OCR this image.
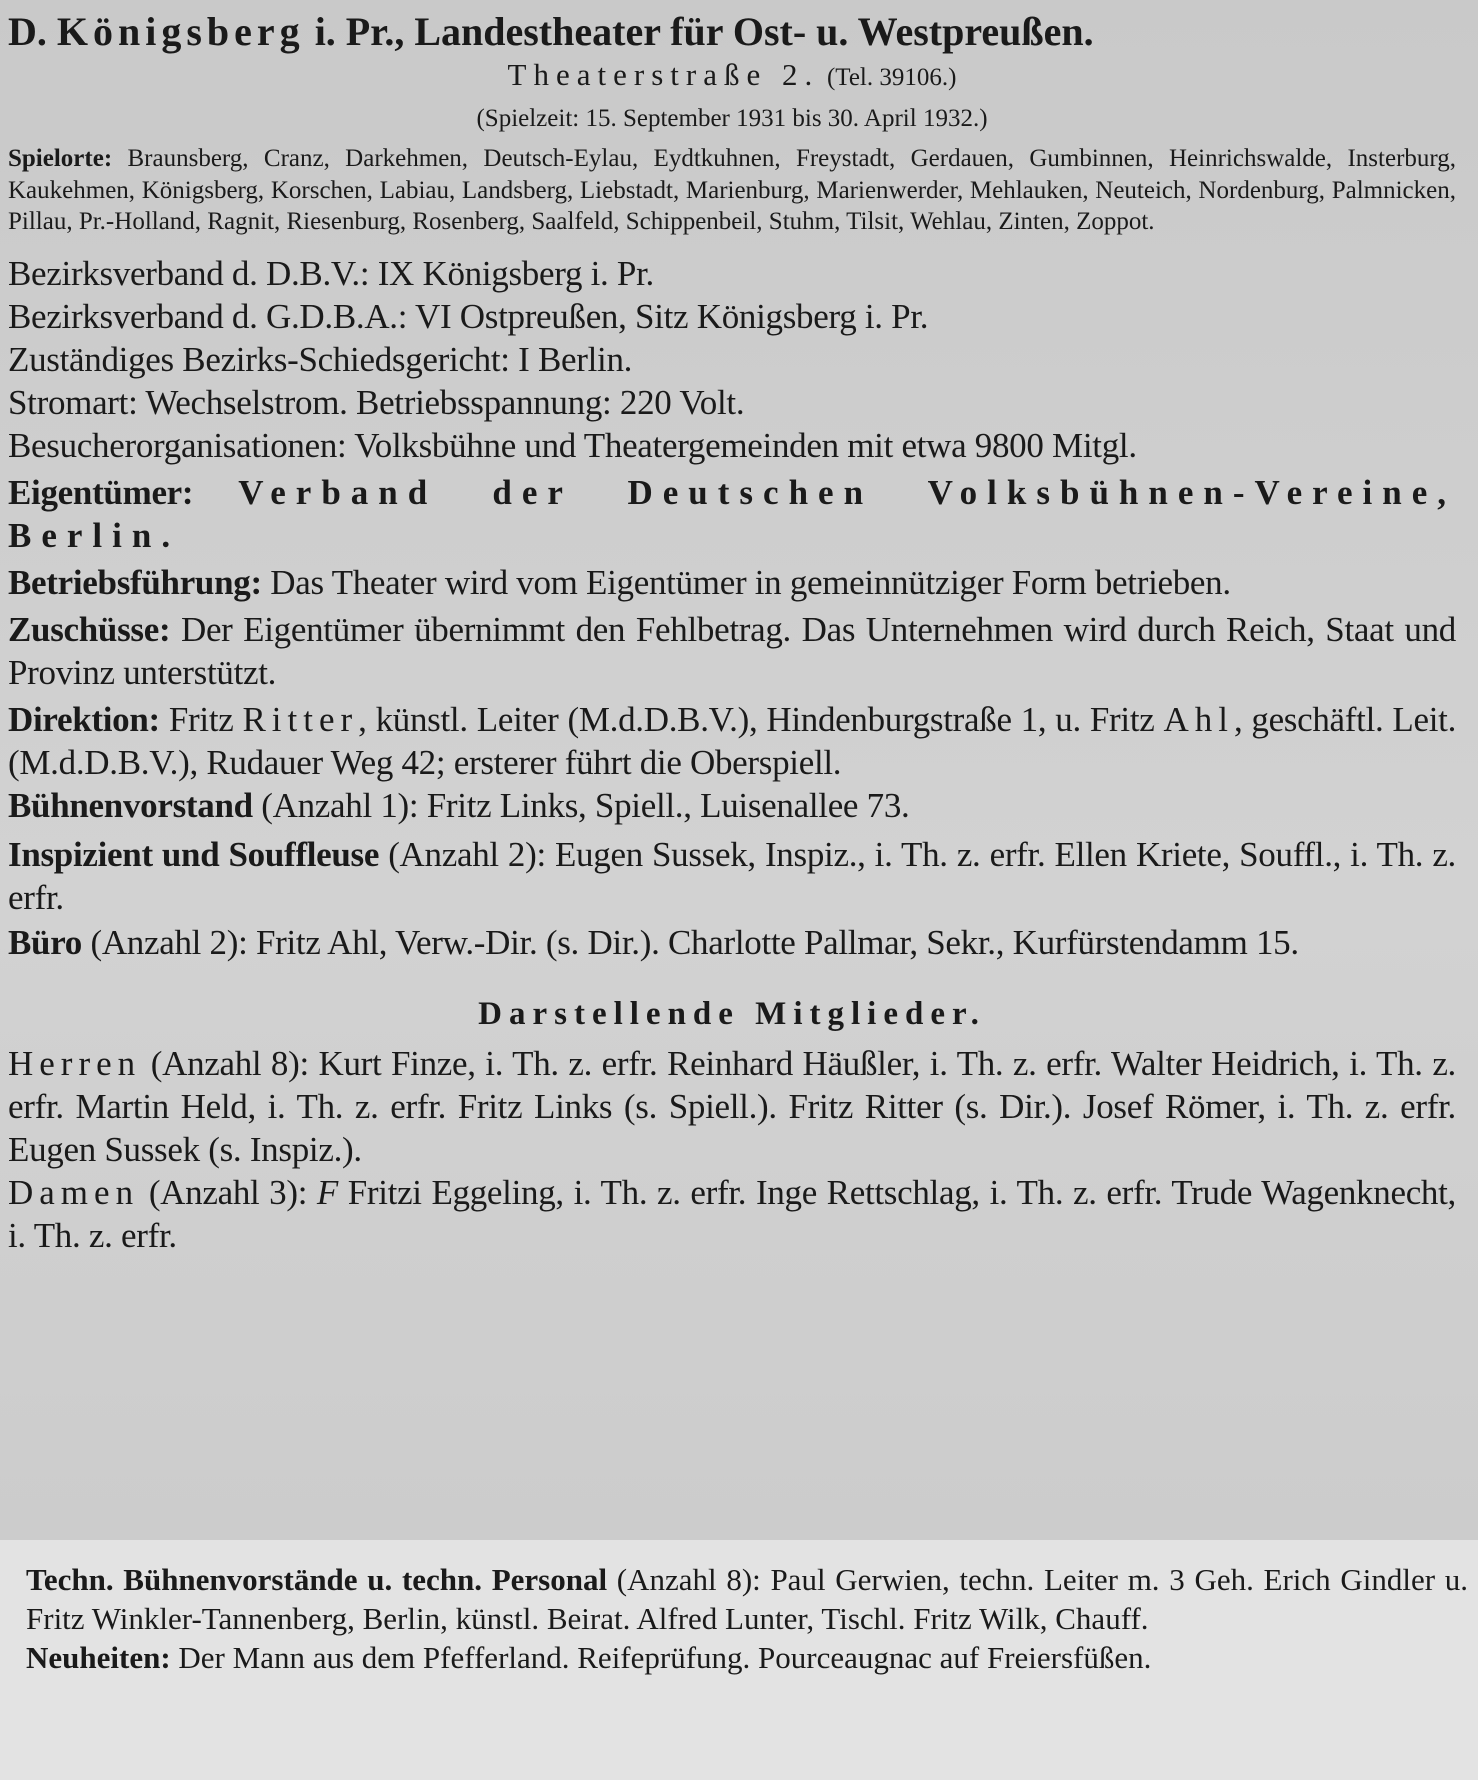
D. Königsberg i. Pr., Landestheater für Ost- u. Westpreußen.
Theaterstraße 2. (Tel. 39106.)
(Spielzeit: 15. September 1931 bis 30. April 1932.)

Spielorte: Braunsberg, Cranz, Darkehmen, Deutsch-Eylau, Eydtkuhnen, Freystadt, Gerdauen, Gumbinnen, Heinrichswalde, Insterburg, Kaukehmen, Königsberg, Korschen, Labiau, Landsberg, Liebstadt, Marienburg, Marienwerder, Mehlauken, Neuteich, Nordenburg, Palmnicken, Pillau, Pr.-Holland, Ragnit, Riesenburg, Rosenberg, Saalfeld, Schippenbeil, Stuhm, Tilsit, Wehlau, Zinten, Zoppot.

Bezirksverband d. D.B.V.: IX Königsberg i. Pr.

Bezirksverband d. G.D.B.A.: VI Ostpreußen, Sitz Königsberg i. Pr.

Zuständiges Bezirks-Schiedsgericht: I Berlin.

Stromart: Wechselstrom. Betriebsspannung: 220 Volt.

Besucherorganisationen: Volksbühne und Theatergemeinden mit etwa 9800 Mitgl.

Eigentümer: Verband der Deutschen Volksbühnen-Vereine, Berlin.

Betriebsführung: Das Theater wird vom Eigentümer in gemeinnütziger Form betrieben.

Zuschüsse: Der Eigentümer übernimmt den Fehlbetrag. Das Unternehmen wird durch Reich, Staat und Provinz unterstützt.

Direktion: Fritz Ritter, künstl. Leiter (M.d.D.B.V.), Hindenburgstraße 1, u. Fritz Ahl, geschäftl. Leit. (M.d.D.B.V.), Rudauer Weg 42; ersterer führt die Oberspiell.

Bühnenvorstand (Anzahl 1): Fritz Links, Spiell., Luisenallee 73.

Inspizient und Souffleuse (Anzahl 2): Eugen Sussek, Inspiz., i. Th. z. erfr. Ellen Kriete, Souffl., i. Th. z. erfr.

Büro (Anzahl 2): Fritz Ahl, Verw.-Dir. (s. Dir.). Charlotte Pallmar, Sekr., Kurfürstendamm 15.

Darstellende Mitglieder.

Herren (Anzahl 8): Kurt Finze, i. Th. z. erfr. Reinhard Häußler, i. Th. z. erfr. Walter Heidrich, i. Th. z. erfr. Martin Held, i. Th. z. erfr. Fritz Links (s. Spiell.). Fritz Ritter (s. Dir.). Josef Römer, i. Th. z. erfr. Eugen Sussek (s. Inspiz.).

Damen (Anzahl 3): F Fritzi Eggeling, i. Th. z. erfr. Inge Rettschlag, i. Th. z. erfr. Trude Wagenknecht, i. Th. z. erfr.

Techn. Bühnenvorstände u. techn. Personal (Anzahl 8): Paul Gerwien, techn. Leiter m. 3 Geh. Erich Gindler u. Fritz Winkler-Tannenberg, Berlin, künstl. Beirat. Alfred Lunter, Tischl. Fritz Wilk, Chauff.

Neuheiten: Der Mann aus dem Pfefferland. Reifeprüfung. Pourceaugnac auf Freiersfüßen.
